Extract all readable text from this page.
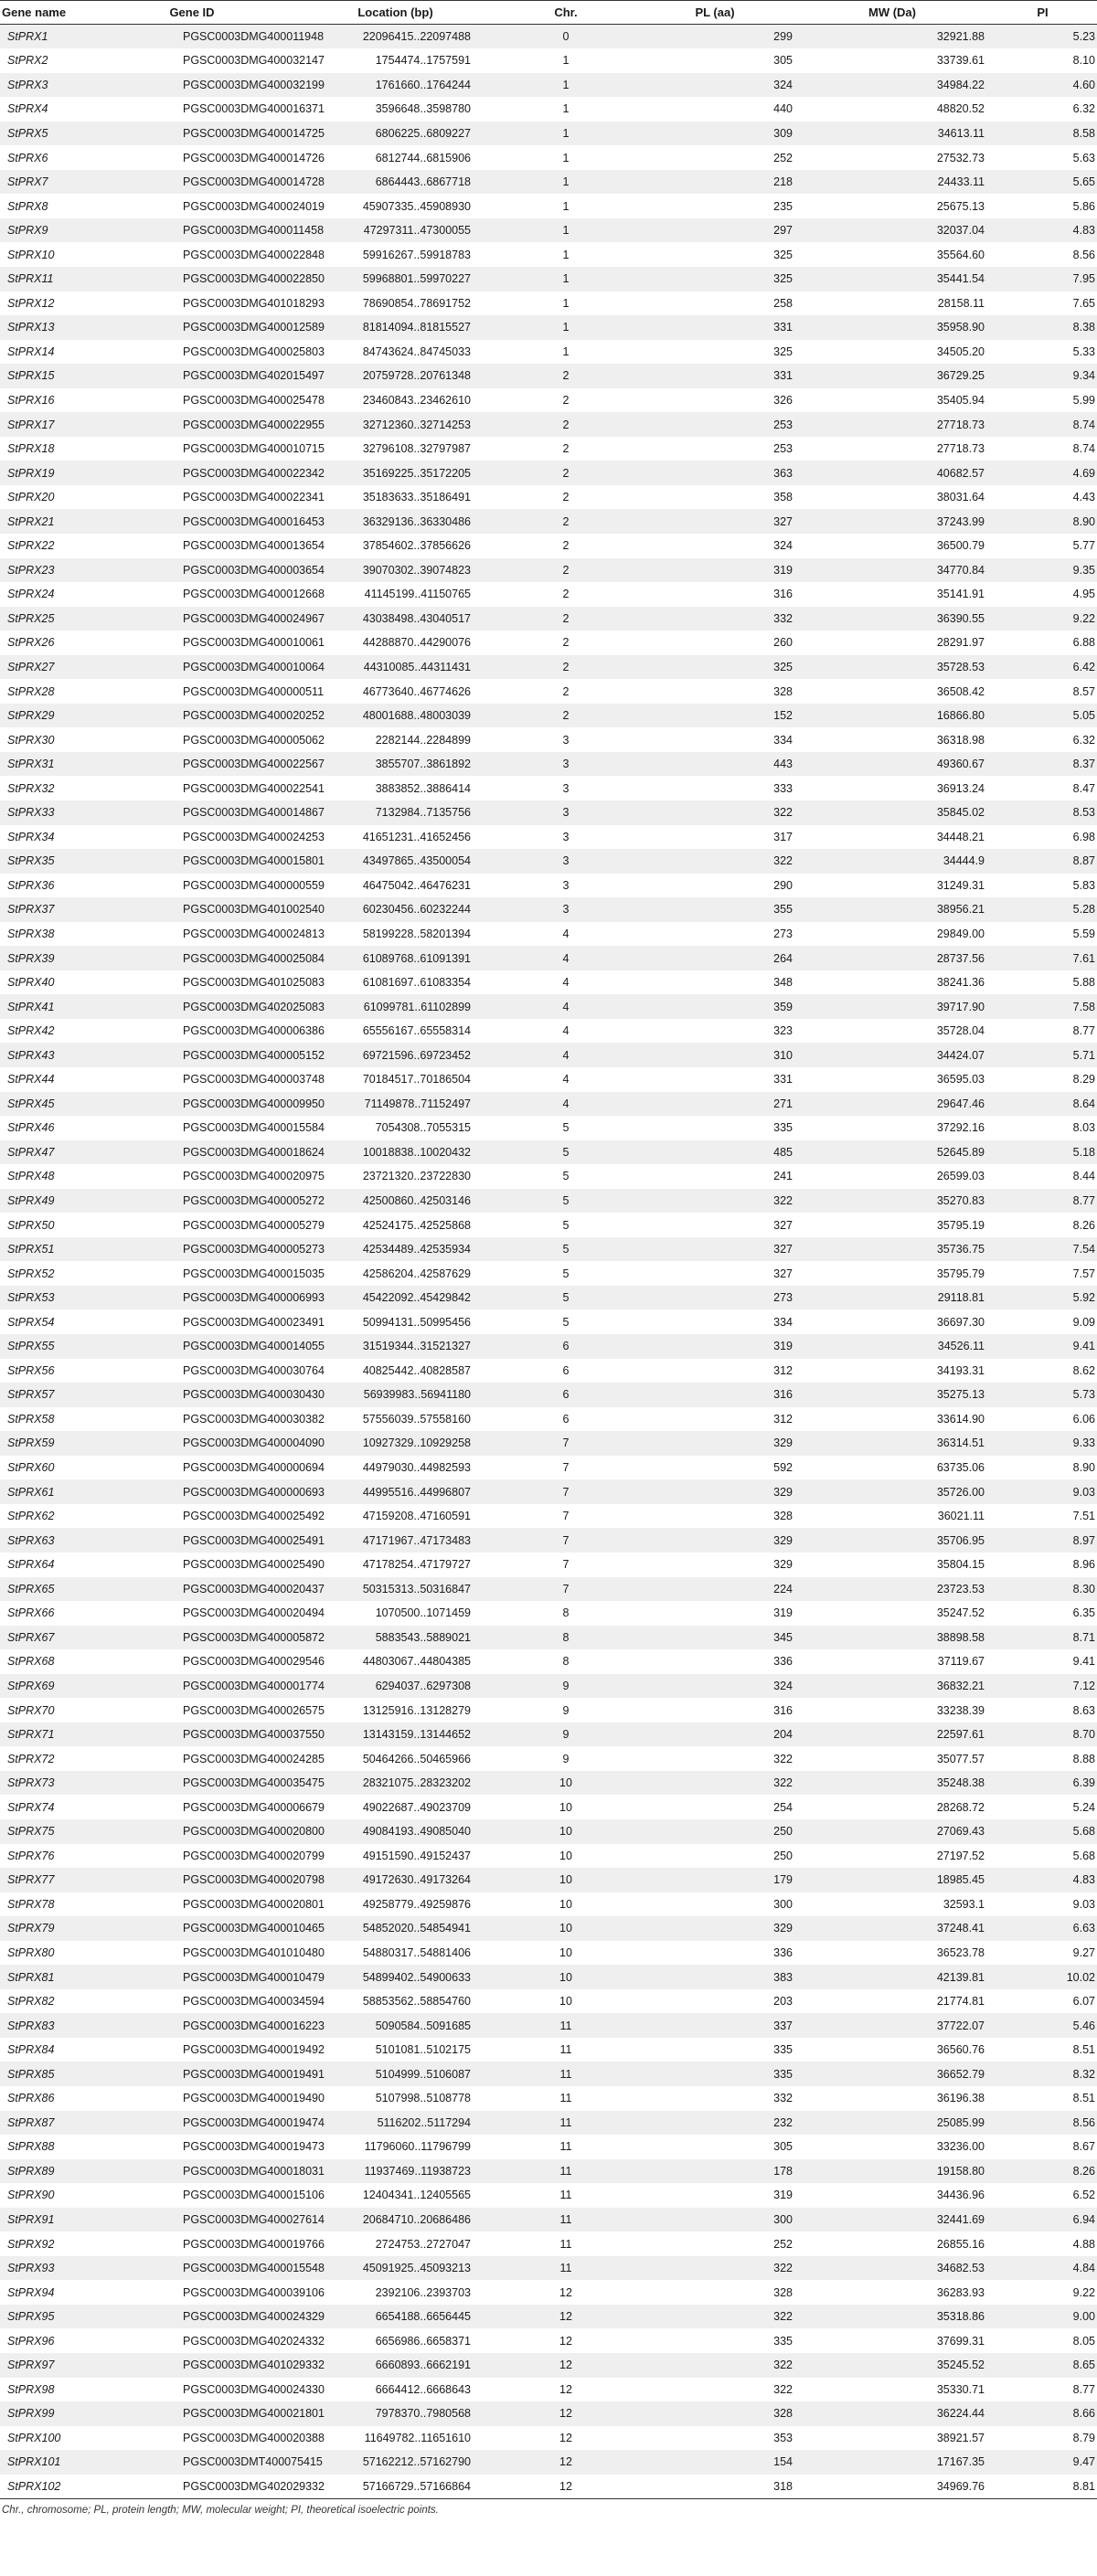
Gene name	Gene ID	Location (bp)	Chr.	PL (aa)	MW (Da)	PI
StPRX1	PGSC0003DMG400011948	22096415..22097488	0	299	32921.88	5.23
StPRX2	PGSC0003DMG400032147	1754474..1757591	1	305	33739.61	8.10
StPRX3	PGSC0003DMG400032199	1761660..1764244	1	324	34984.22	4.60
StPRX4	PGSC0003DMG400016371	3596648..3598780	1	440	48820.52	6.32
StPRX5	PGSC0003DMG400014725	6806225..6809227	1	309	34613.11	8.58
StPRX6	PGSC0003DMG400014726	6812744..6815906	1	252	27532.73	5.63
StPRX7	PGSC0003DMG400014728	6864443..6867718	1	218	24433.11	5.65
StPRX8	PGSC0003DMG400024019	45907335..45908930	1	235	25675.13	5.86
StPRX9	PGSC0003DMG400011458	47297311..47300055	1	297	32037.04	4.83
StPRX10	PGSC0003DMG400022848	59916267..59918783	1	325	35564.60	8.56
StPRX11	PGSC0003DMG400022850	59968801..59970227	1	325	35441.54	7.95
StPRX12	PGSC0003DMG401018293	78690854..78691752	1	258	28158.11	7.65
StPRX13	PGSC0003DMG400012589	81814094..81815527	1	331	35958.90	8.38
StPRX14	PGSC0003DMG400025803	84743624..84745033	1	325	34505.20	5.33
StPRX15	PGSC0003DMG402015497	20759728..20761348	2	331	36729.25	9.34
StPRX16	PGSC0003DMG400025478	23460843..23462610	2	326	35405.94	5.99
StPRX17	PGSC0003DMG400022955	32712360..32714253	2	253	27718.73	8.74
StPRX18	PGSC0003DMG400010715	32796108..32797987	2	253	27718.73	8.74
StPRX19	PGSC0003DMG400022342	35169225..35172205	2	363	40682.57	4.69
StPRX20	PGSC0003DMG400022341	35183633..35186491	2	358	38031.64	4.43
StPRX21	PGSC0003DMG400016453	36329136..36330486	2	327	37243.99	8.90
StPRX22	PGSC0003DMG400013654	37854602..37856626	2	324	36500.79	5.77
StPRX23	PGSC0003DMG400003654	39070302..39074823	2	319	34770.84	9.35
StPRX24	PGSC0003DMG400012668	41145199..41150765	2	316	35141.91	4.95
StPRX25	PGSC0003DMG400024967	43038498..43040517	2	332	36390.55	9.22
StPRX26	PGSC0003DMG400010061	44288870..44290076	2	260	28291.97	6.88
StPRX27	PGSC0003DMG400010064	44310085..44311431	2	325	35728.53	6.42
StPRX28	PGSC0003DMG400000511	46773640..46774626	2	328	36508.42	8.57
StPRX29	PGSC0003DMG400020252	48001688..48003039	2	152	16866.80	5.05
StPRX30	PGSC0003DMG400005062	2282144..2284899	3	334	36318.98	6.32
StPRX31	PGSC0003DMG400022567	3855707..3861892	3	443	49360.67	8.37
StPRX32	PGSC0003DMG400022541	3883852..3886414	3	333	36913.24	8.47
StPRX33	PGSC0003DMG400014867	7132984..7135756	3	322	35845.02	8.53
StPRX34	PGSC0003DMG400024253	41651231..41652456	3	317	34448.21	6.98
StPRX35	PGSC0003DMG400015801	43497865..43500054	3	322	34444.9	8.87
StPRX36	PGSC0003DMG400000559	46475042..46476231	3	290	31249.31	5.83
StPRX37	PGSC0003DMG401002540	60230456..60232244	3	355	38956.21	5.28
StPRX38	PGSC0003DMG400024813	58199228..58201394	4	273	29849.00	5.59
StPRX39	PGSC0003DMG400025084	61089768..61091391	4	264	28737.56	7.61
StPRX40	PGSC0003DMG401025083	61081697..61083354	4	348	38241.36	5.88
StPRX41	PGSC0003DMG402025083	61099781..61102899	4	359	39717.90	7.58
StPRX42	PGSC0003DMG400006386	65556167..65558314	4	323	35728.04	8.77
StPRX43	PGSC0003DMG400005152	69721596..69723452	4	310	34424.07	5.71
StPRX44	PGSC0003DMG400003748	70184517..70186504	4	331	36595.03	8.29
StPRX45	PGSC0003DMG400009950	71149878..71152497	4	271	29647.46	8.64
StPRX46	PGSC0003DMG400015584	7054308..7055315	5	335	37292.16	8.03
StPRX47	PGSC0003DMG400018624	10018838..10020432	5	485	52645.89	5.18
StPRX48	PGSC0003DMG400020975	23721320..23722830	5	241	26599.03	8.44
StPRX49	PGSC0003DMG400005272	42500860..42503146	5	322	35270.83	8.77
StPRX50	PGSC0003DMG400005279	42524175..42525868	5	327	35795.19	8.26
StPRX51	PGSC0003DMG400005273	42534489..42535934	5	327	35736.75	7.54
StPRX52	PGSC0003DMG400015035	42586204..42587629	5	327	35795.79	7.57
StPRX53	PGSC0003DMG400006993	45422092..45429842	5	273	29118.81	5.92
StPRX54	PGSC0003DMG400023491	50994131..50995456	5	334	36697.30	9.09
StPRX55	PGSC0003DMG400014055	31519344..31521327	6	319	34526.11	9.41
StPRX56	PGSC0003DMG400030764	40825442..40828587	6	312	34193.31	8.62
StPRX57	PGSC0003DMG400030430	56939983..56941180	6	316	35275.13	5.73
StPRX58	PGSC0003DMG400030382	57556039..57558160	6	312	33614.90	6.06
StPRX59	PGSC0003DMG400004090	10927329..10929258	7	329	36314.51	9.33
StPRX60	PGSC0003DMG400000694	44979030..44982593	7	592	63735.06	8.90
StPRX61	PGSC0003DMG400000693	44995516..44996807	7	329	35726.00	9.03
StPRX62	PGSC0003DMG400025492	47159208..47160591	7	328	36021.11	7.51
StPRX63	PGSC0003DMG400025491	47171967..47173483	7	329	35706.95	8.97
StPRX64	PGSC0003DMG400025490	47178254..47179727	7	329	35804.15	8.96
StPRX65	PGSC0003DMG400020437	50315313..50316847	7	224	23723.53	8.30
StPRX66	PGSC0003DMG400020494	1070500..1071459	8	319	35247.52	6.35
StPRX67	PGSC0003DMG400005872	5883543..5889021	8	345	38898.58	8.71
StPRX68	PGSC0003DMG400029546	44803067..44804385	8	336	37119.67	9.41
StPRX69	PGSC0003DMG400001774	6294037..6297308	9	324	36832.21	7.12
StPRX70	PGSC0003DMG400026575	13125916..13128279	9	316	33238.39	8.63
StPRX71	PGSC0003DMG400037550	13143159..13144652	9	204	22597.61	8.70
StPRX72	PGSC0003DMG400024285	50464266..50465966	9	322	35077.57	8.88
StPRX73	PGSC0003DMG400035475	28321075..28323202	10	322	35248.38	6.39
StPRX74	PGSC0003DMG400006679	49022687..49023709	10	254	28268.72	5.24
StPRX75	PGSC0003DMG400020800	49084193..49085040	10	250	27069.43	5.68
StPRX76	PGSC0003DMG400020799	49151590..49152437	10	250	27197.52	5.68
StPRX77	PGSC0003DMG400020798	49172630..49173264	10	179	18985.45	4.83
StPRX78	PGSC0003DMG400020801	49258779..49259876	10	300	32593.1	9.03
StPRX79	PGSC0003DMG400010465	54852020..54854941	10	329	37248.41	6.63
StPRX80	PGSC0003DMG401010480	54880317..54881406	10	336	36523.78	9.27
StPRX81	PGSC0003DMG400010479	54899402..54900633	10	383	42139.81	10.02
StPRX82	PGSC0003DMG400034594	58853562..58854760	10	203	21774.81	6.07
StPRX83	PGSC0003DMG400016223	5090584..5091685	11	337	37722.07	5.46
StPRX84	PGSC0003DMG400019492	5101081..5102175	11	335	36560.76	8.51
StPRX85	PGSC0003DMG400019491	5104999..5106087	11	335	36652.79	8.32
StPRX86	PGSC0003DMG400019490	5107998..5108778	11	332	36196.38	8.51
StPRX87	PGSC0003DMG400019474	5116202..5117294	11	232	25085.99	8.56
StPRX88	PGSC0003DMG400019473	11796060..11796799	11	305	33236.00	8.67
StPRX89	PGSC0003DMG400018031	11937469..11938723	11	178	19158.80	8.26
StPRX90	PGSC0003DMG400015106	12404341..12405565	11	319	34436.96	6.52
StPRX91	PGSC0003DMG400027614	20684710..20686486	11	300	32441.69	6.94
StPRX92	PGSC0003DMG400019766	2724753..2727047	11	252	26855.16	4.88
StPRX93	PGSC0003DMG400015548	45091925..45093213	11	322	34682.53	4.84
StPRX94	PGSC0003DMG400039106	2392106..2393703	12	328	36283.93	9.22
StPRX95	PGSC0003DMG400024329	6654188..6656445	12	322	35318.86	9.00
StPRX96	PGSC0003DMG402024332	6656986..6658371	12	335	37699.31	8.05
StPRX97	PGSC0003DMG401029332	6660893..6662191	12	322	35245.52	8.65
StPRX98	PGSC0003DMG400024330	6664412..6668643	12	322	35330.71	8.77
StPRX99	PGSC0003DMG400021801	7978370..7980568	12	328	36224.44	8.66
StPRX100	PGSC0003DMG400020388	11649782..11651610	12	353	38921.57	8.79
StPRX101	PGSC0003DMT400075415	57162212..57162790	12	154	17167.35	9.47
StPRX102	PGSC0003DMG402029332	57166729..57166864	12	318	34969.76	8.81
Chr., chromosome; PL, protein length; MW, molecular weight; PI, theoretical isoelectric points.
